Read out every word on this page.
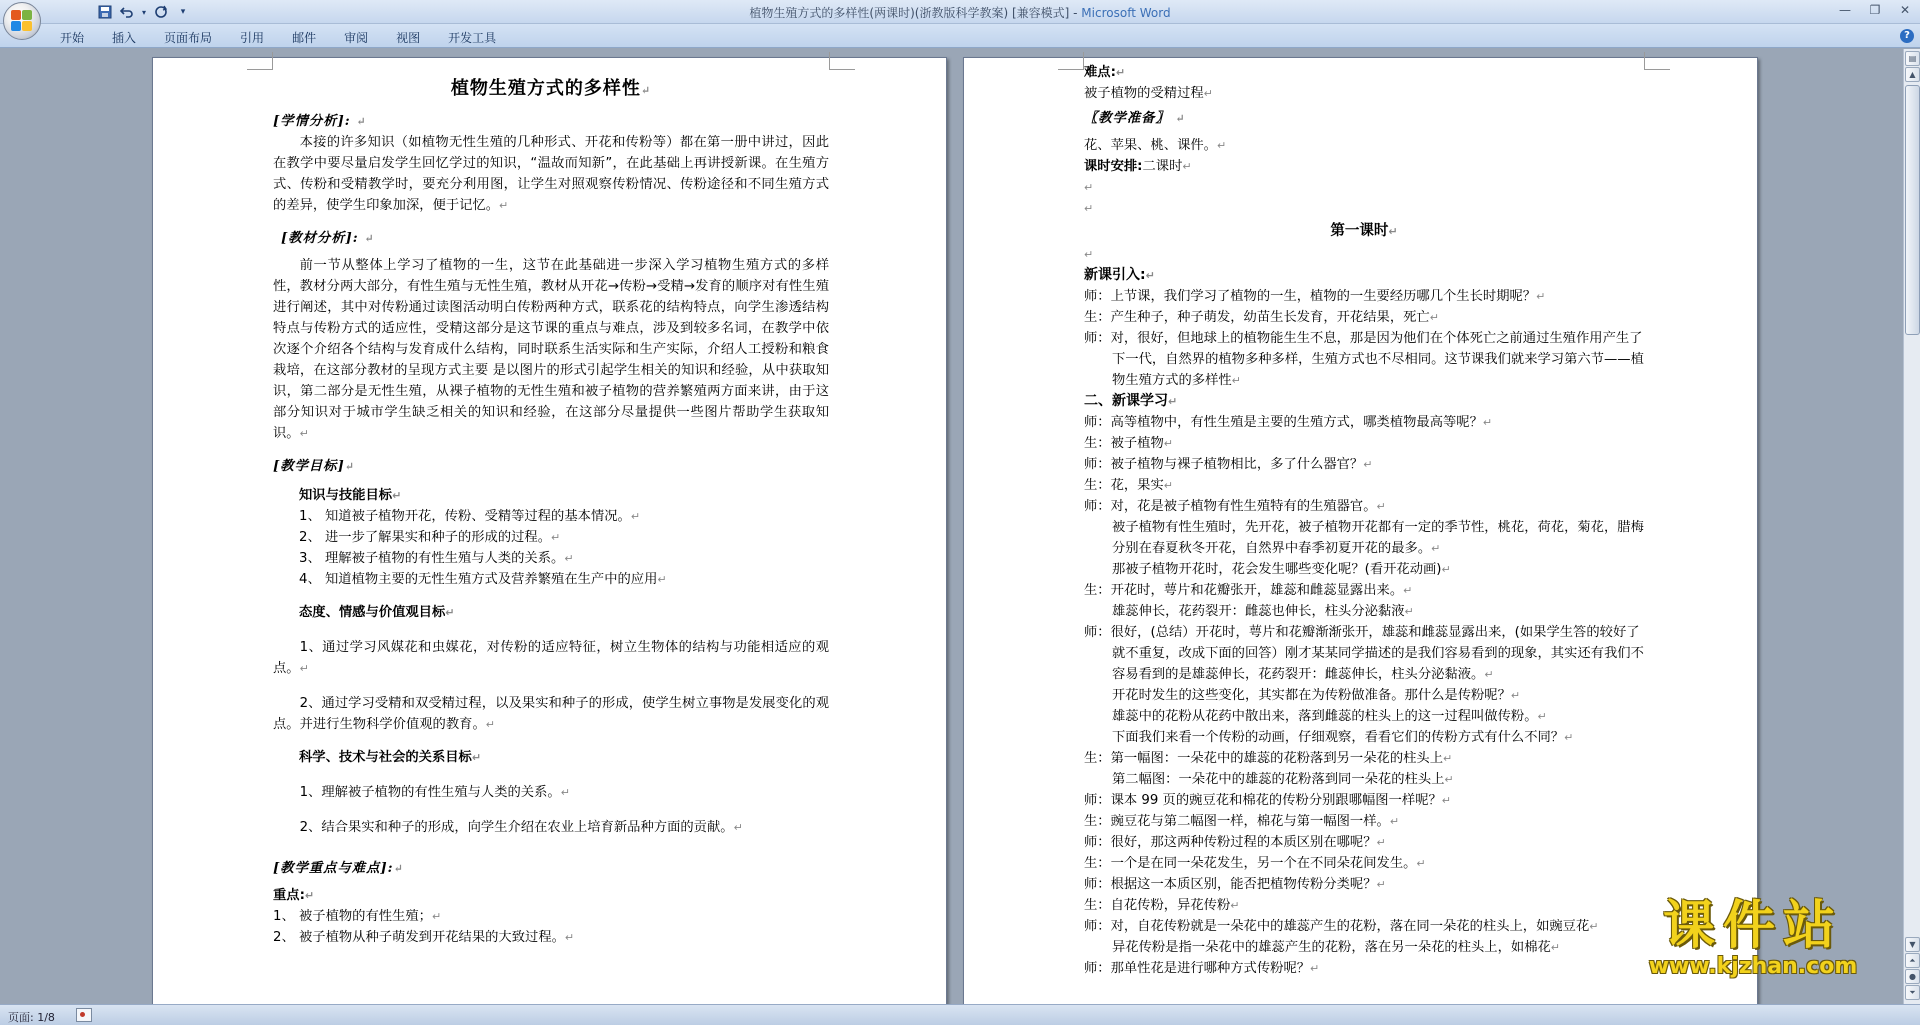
▾	▾	植物生殖方式的多样性(两课时)(浙教版科学教案) [兼容模式] - Microsoft Word	—	❐	✕
开始	插入	页面布局	引用	邮件	审阅	视图	开发工具	?
植物生殖方式的多样性↵
[学情分析]: ↵
本接的许多知识（如植物无性生殖的几种形式、开花和传粉等）都在第一册中讲过，因此在教学中要尽量启发学生回忆学过的知识，“温故而知新”，在此基础上再讲授新课。在生殖方式、传粉和受精教学时，要充分利用图，让学生对照观察传粉情况、传粉途径和不同生殖方式的差异，使学生印象加深，便于记忆。↵
[教材分析]: ↵
前一节从整体上学习了植物的一生，这节在此基础进一步深入学习植物生殖方式的多样性，教材分两大部分，有性生殖与无性生殖，教材从开花→传粉→受精→发育的顺序对有性生殖进行阐述，其中对传粉通过读图活动明白传粉两种方式，联系花的结构特点，向学生渗透结构特点与传粉方式的适应性，受精这部分是这节课的重点与难点，涉及到较多名词，在教学中依次逐个介绍各个结构与发育成什么结构，同时联系生活实际和生产实际，介绍人工授粉和粮食栽培，在这部分教材的呈现方式主要 是以图片的形式引起学生相关的知识和经验，从中获取知识，第二部分是无性生殖，从裸子植物的无性生殖和被子植物的营养繁殖两方面来讲，由于这部分知识对于城市学生缺乏相关的知识和经验，在这部分尽量提供一些图片帮助学生获取知识。↵
[教学目标]↵
知识与技能目标↵
1、 知道被子植物开花，传粉、受精等过程的基本情况。↵
2、 进一步了解果实和种子的形成的过程。↵
3、 理解被子植物的有性生殖与人类的关系。↵
4、 知道植物主要的无性生殖方式及营养繁殖在生产中的应用↵
态度、情感与价值观目标↵
1、通过学习风媒花和虫媒花，对传粉的适应特征，树立生物体的结构与功能相适应的观点。↵
2、通过学习受精和双受精过程，以及果实和种子的形成，使学生树立事物是发展变化的观点。并进行生物科学价值观的教育。↵
科学、技术与社会的关系目标↵
1、理解被子植物的有性生殖与人类的关系。↵
2、结合果实和种子的形成，向学生介绍在农业上培育新品种方面的贡献。↵
[教学重点与难点]:↵
重点:↵
1、 被子植物的有性生殖；↵
2、 被子植物从种子萌发到开花结果的大致过程。↵
难点:↵
被子植物的受精过程↵
〖教学准备〗 ↵
花、苹果、桃、课件。↵
课时安排:二课时↵
↵
↵
第一课时↵
↵
新课引入:↵
师：上节课，我们学习了植物的一生，植物的一生要经历哪几个生长时期呢？↵
生：产生种子，种子萌发，幼苗生长发育，开花结果，死亡↵
师：对，很好，但地球上的植物能生生不息，那是因为他们在个体死亡之前通过生殖作用产生了下一代，自然界的植物多种多样，生殖方式也不尽相同。这节课我们就来学习第六节——植物生殖方式的多样性↵
二、新课学习↵
师：高等植物中，有性生殖是主要的生殖方式，哪类植物最高等呢？↵
生：被子植物↵
师：被子植物与裸子植物相比，多了什么器官？↵
生：花，果实↵
师：对，花是被子植物有性生殖特有的生殖器官。↵
被子植物有性生殖时，先开花，被子植物开花都有一定的季节性，桃花，荷花，菊花，腊梅分别在春夏秋冬开花，自然界中春季初夏开花的最多。↵
那被子植物开花时，花会发生哪些变化呢？(看开花动画)↵
生：开花时，萼片和花瓣张开，雄蕊和雌蕊显露出来。↵
雄蕊伸长，花药裂开：雌蕊也伸长，柱头分泌黏液↵
师：很好，(总结）开花时，萼片和花瓣渐渐张开，雄蕊和雌蕊显露出来，(如果学生答的较好了就不重复，改成下面的回答）刚才某某同学描述的是我们容易看到的现象，其实还有我们不容易看到的是雄蕊伸长，花药裂开：雌蕊伸长，柱头分泌黏液。↵
开花时发生的这些变化，其实都在为传粉做准备。那什么是传粉呢？↵
雄蕊中的花粉从花药中散出来，落到雌蕊的柱头上的这一过程叫做传粉。↵
下面我们来看一个传粉的动画，仔细观察，看看它们的传粉方式有什么不同？↵
生：第一幅图：一朵花中的雄蕊的花粉落到另一朵花的柱头上↵
第二幅图：一朵花中的雄蕊的花粉落到同一朵花的柱头上↵
师：课本 99 页的豌豆花和棉花的传粉分别跟哪幅图一样呢？↵
生：豌豆花与第二幅图一样，棉花与第一幅图一样。↵
师：很好，那这两种传粉过程的本质区别在哪呢？↵
生：一个是在同一朵花发生，另一个在不同朵花间发生。↵
师：根据这一本质区别，能否把植物传粉分类呢？↵
生：自花传粉，异花传粉↵
师：对，自花传粉就是一朵花中的雄蕊产生的花粉，落在同一朵花的柱头上，如豌豆花↵
异花传粉是指一朵花中的雄蕊产生的花粉，落在另一朵花的柱头上，如棉花↵
师：那单性花是进行哪种方式传粉呢？↵
课件站
www.kjzhan.com
▤
▲
▼
⏶
●
⏷
页面: 1/8
